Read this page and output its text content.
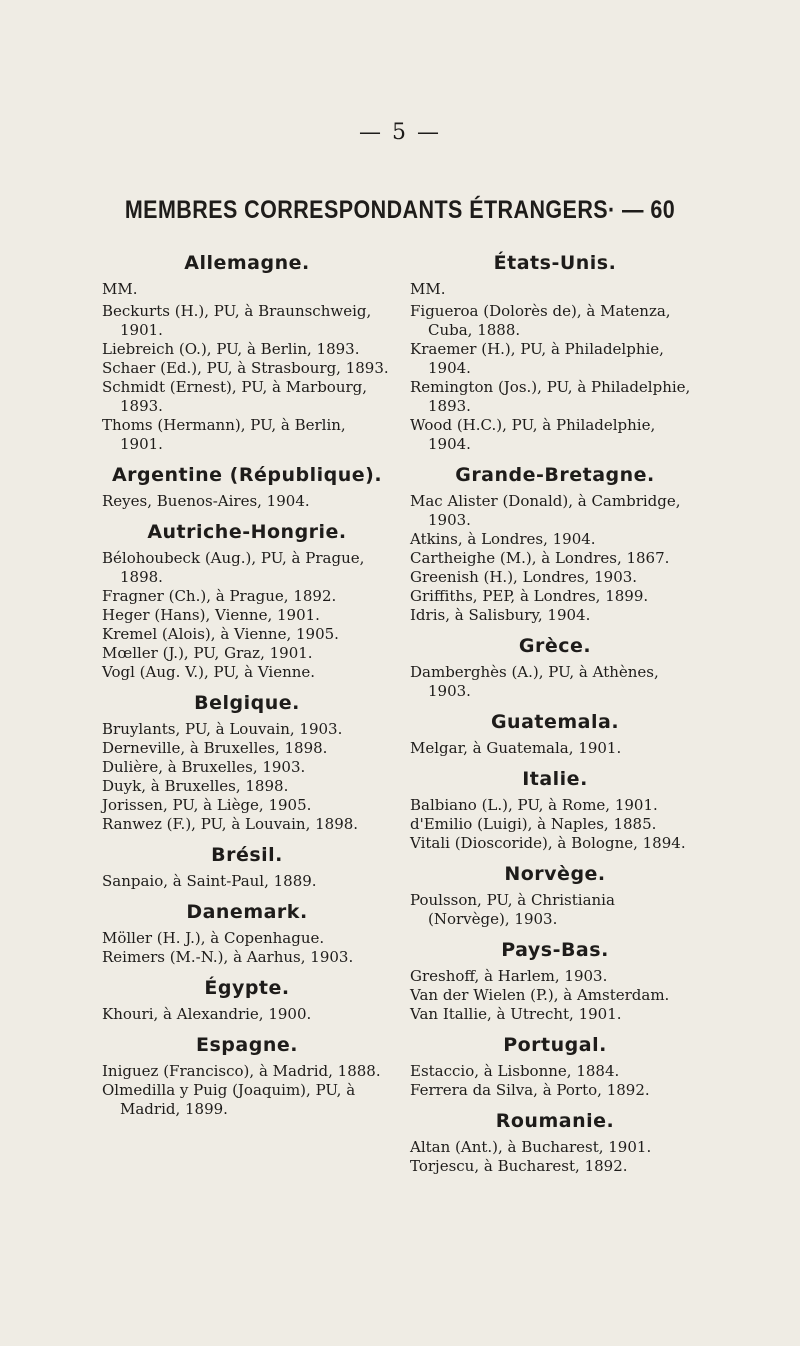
— 5 —
MEMBRES CORRESPONDANTS ÉTRANGERS· — 60
Allemagne.
MM.
Beckurts (H.), PU, à Braunschweig, 1901.
Liebreich (O.), PU, à Berlin, 1893.
Schaer (Ed.), PU, à Strasbourg, 1893.
Schmidt (Ernest), PU, à Marbourg, 1893.
Thoms (Hermann), PU, à Berlin, 1901.
Argentine (République).
Reyes, Buenos-Aires, 1904.
Autriche-Hongrie.
Bélohoubeck (Aug.), PU, à Prague, 1898.
Fragner (Ch.), à Prague, 1892.
Heger (Hans), Vienne, 1901.
Kremel (Alois), à Vienne, 1905.
Mœller (J.), PU, Graz, 1901.
Vogl (Aug. V.), PU, à Vienne.
Belgique.
Bruylants, PU, à Louvain, 1903.
Derneville, à Bruxelles, 1898.
Dulière, à Bruxelles, 1903.
Duyk, à Bruxelles, 1898.
Jorissen, PU, à Liège, 1905.
Ranwez (F.), PU, à Louvain, 1898.
Brésil.
Sanpaio, à Saint-Paul, 1889.
Danemark.
Möller (H. J.), à Copenhague.
Reimers (M.-N.), à Aarhus, 1903.
Égypte.
Khouri, à Alexandrie, 1900.
Espagne.
Iniguez (Francisco), à Madrid, 1888.
Olmedilla y Puig (Joaquim), PU, à Madrid, 1899.
États-Unis.
MM.
Figueroa (Dolorès de), à Matenza, Cuba, 1888.
Kraemer (H.), PU, à Philadelphie, 1904.
Remington (Jos.), PU, à Philadelphie, 1893.
Wood (H.C.), PU, à Philadelphie, 1904.
Grande-Bretagne.
Mac Alister (Donald), à Cambridge, 1903.
Atkins, à Londres, 1904.
Cartheighe (M.), à Londres, 1867.
Greenish (H.), Londres, 1903.
Griffiths, PEP, à Londres, 1899.
Idris, à Salisbury, 1904.
Grèce.
Damberghès (A.), PU, à Athènes, 1903.
Guatemala.
Melgar, à Guatemala, 1901.
Italie.
Balbiano (L.), PU, à Rome, 1901.
d'Emilio (Luigi), à Naples, 1885.
Vitali (Dioscoride), à Bologne, 1894.
Norvège.
Poulsson, PU, à Christiania (Norvège), 1903.
Pays-Bas.
Greshoff, à Harlem, 1903.
Van der Wielen (P.), à Amsterdam.
Van Itallie, à Utrecht, 1901.
Portugal.
Estaccio, à Lisbonne, 1884.
Ferrera da Silva, à Porto, 1892.
Roumanie.
Altan (Ant.), à Bucharest, 1901.
Torjescu, à Bucharest, 1892.
